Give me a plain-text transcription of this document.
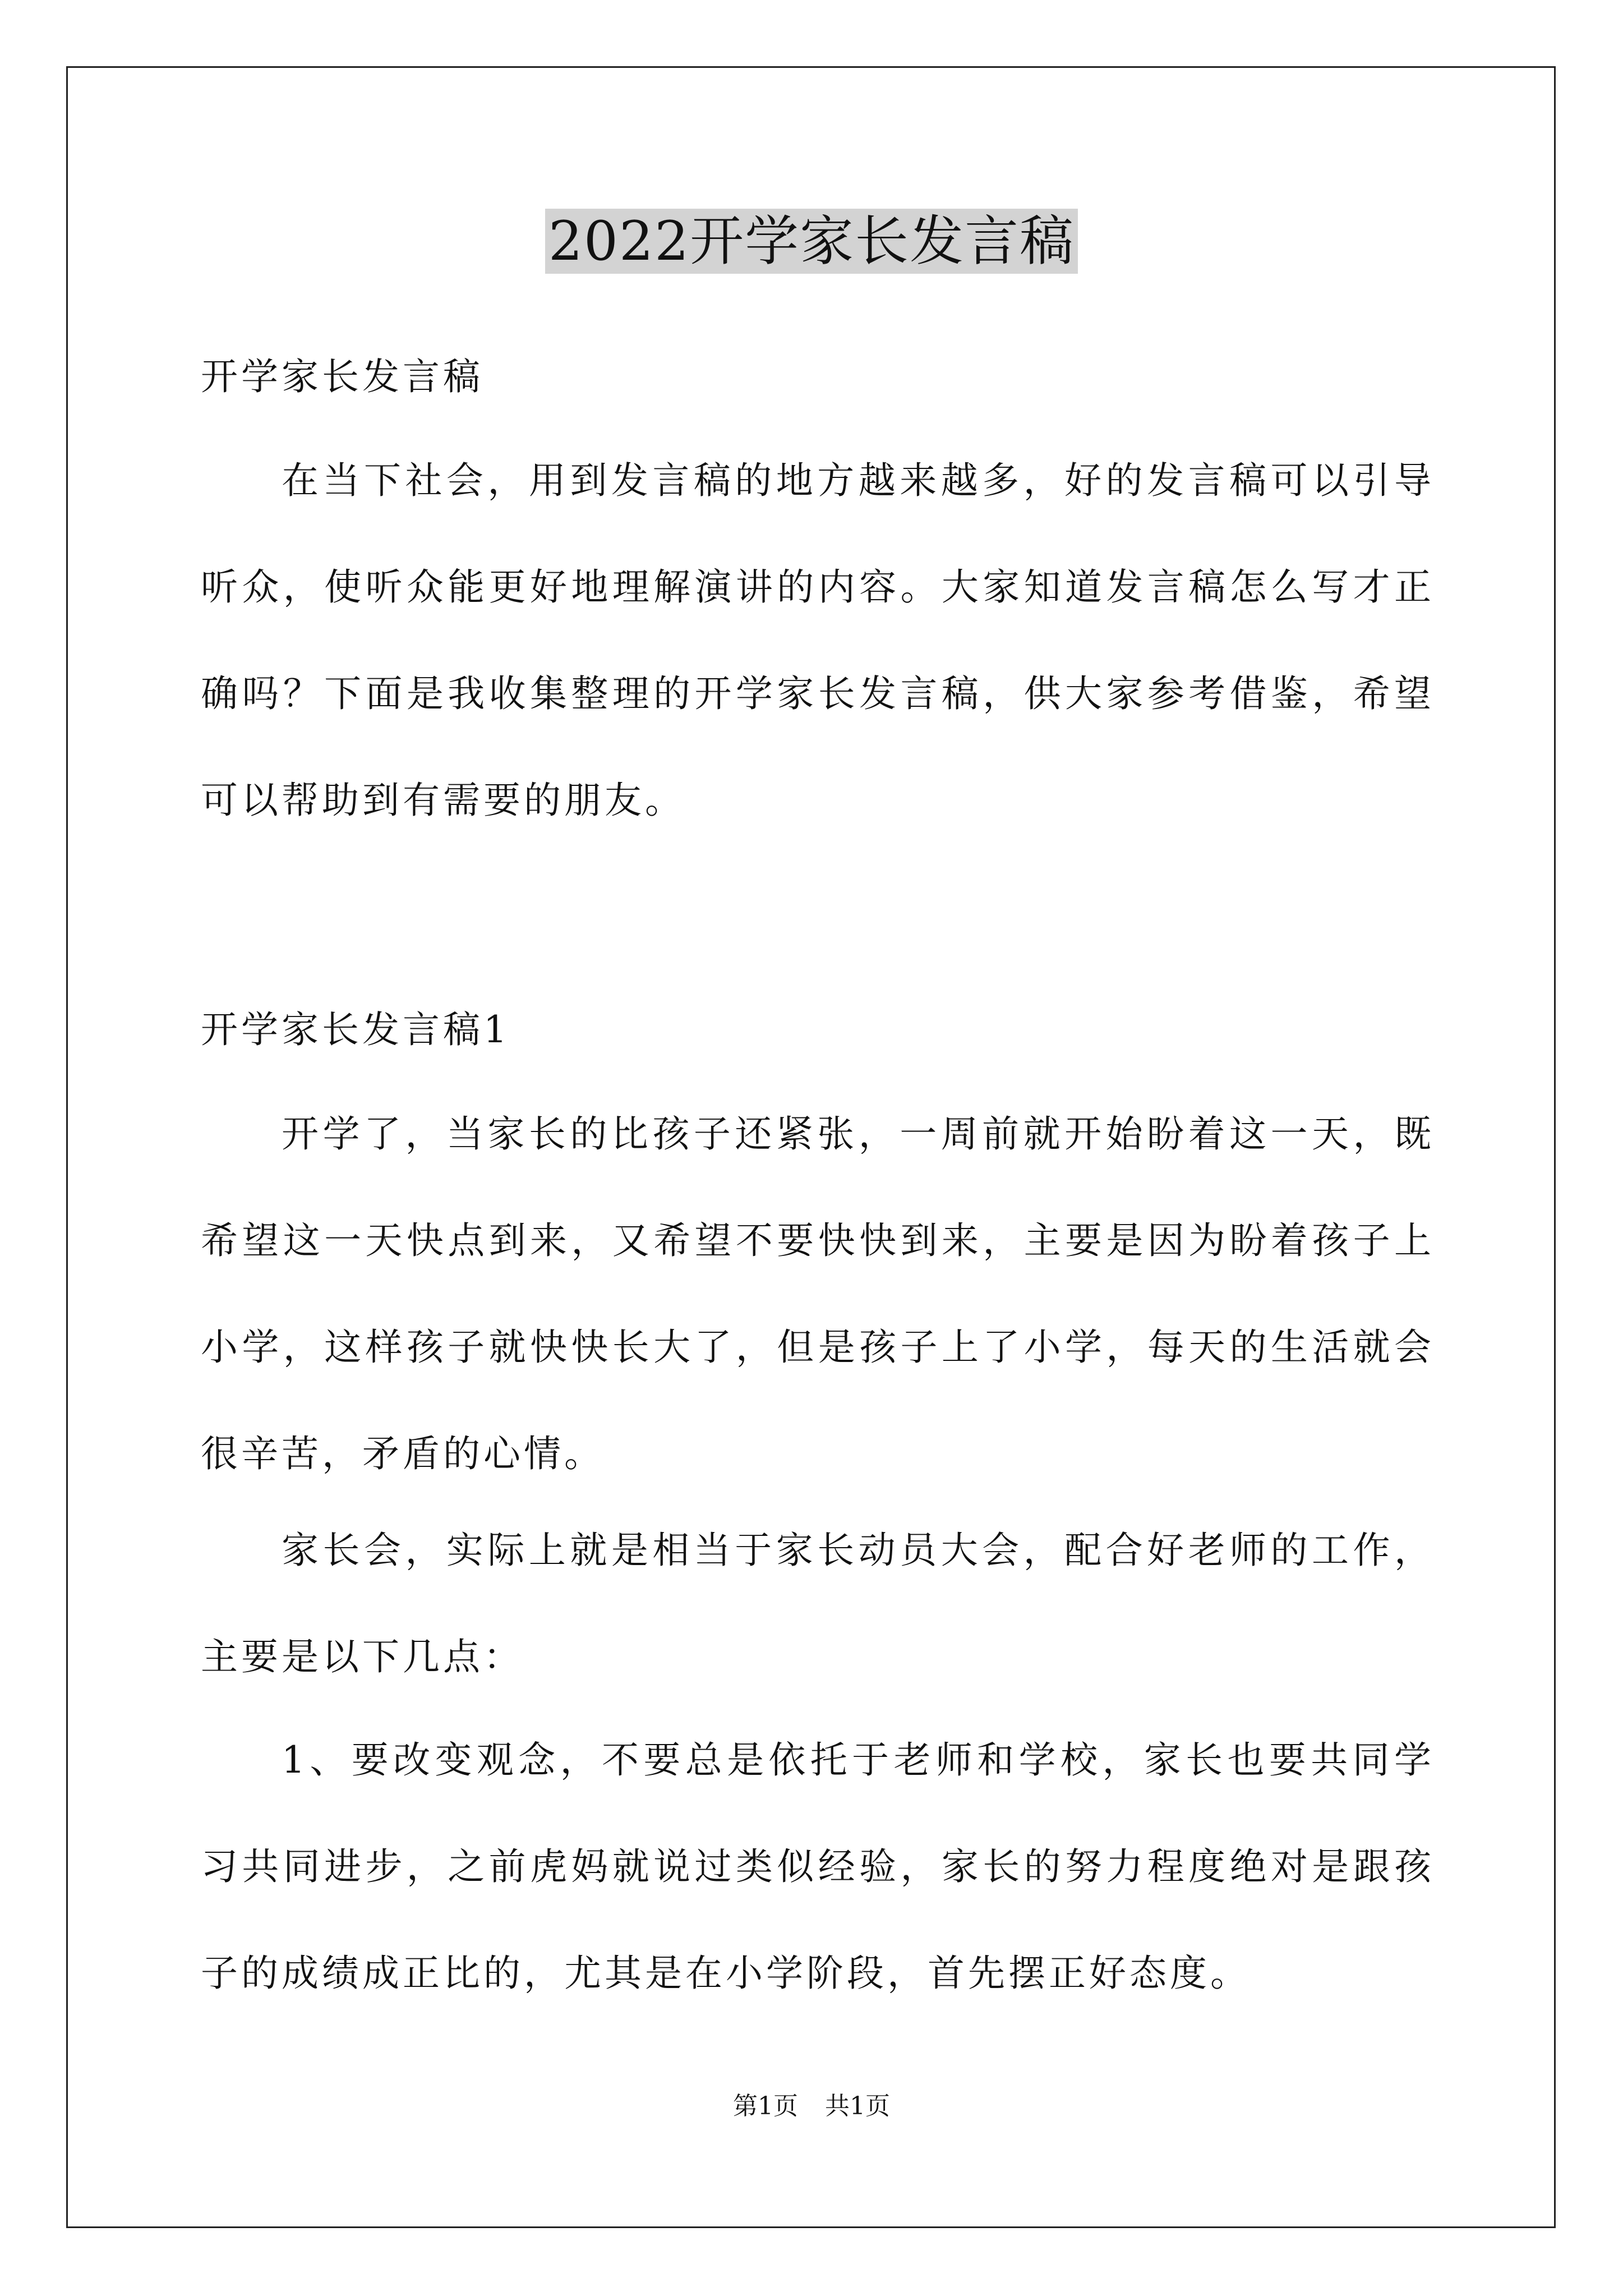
2022开学家长发言稿
开学家长发言稿
在当下社会，用到发言稿的地方越来越多，好的发言稿可以引导听众，使听众能更好地理解演讲的内容。大家知道发言稿怎么写才正确吗？下面是我收集整理的开学家长发言稿，供大家参考借鉴，希望可以帮助到有需要的朋友。
开学家长发言稿1
开学了，当家长的比孩子还紧张，一周前就开始盼着这一天，既希望这一天快点到来，又希望不要快快到来，主要是因为盼着孩子上小学，这样孩子就快快长大了，但是孩子上了小学，每天的生活就会很辛苦，矛盾的心情。
家长会，实际上就是相当于家长动员大会，配合好老师的工作，主要是以下几点：
1、要改变观念，不要总是依托于老师和学校，家长也要共同学习共同进步，之前虎妈就说过类似经验，家长的努力程度绝对是跟孩子的成绩成正比的，尤其是在小学阶段，首先摆正好态度。
第1页 共1页
